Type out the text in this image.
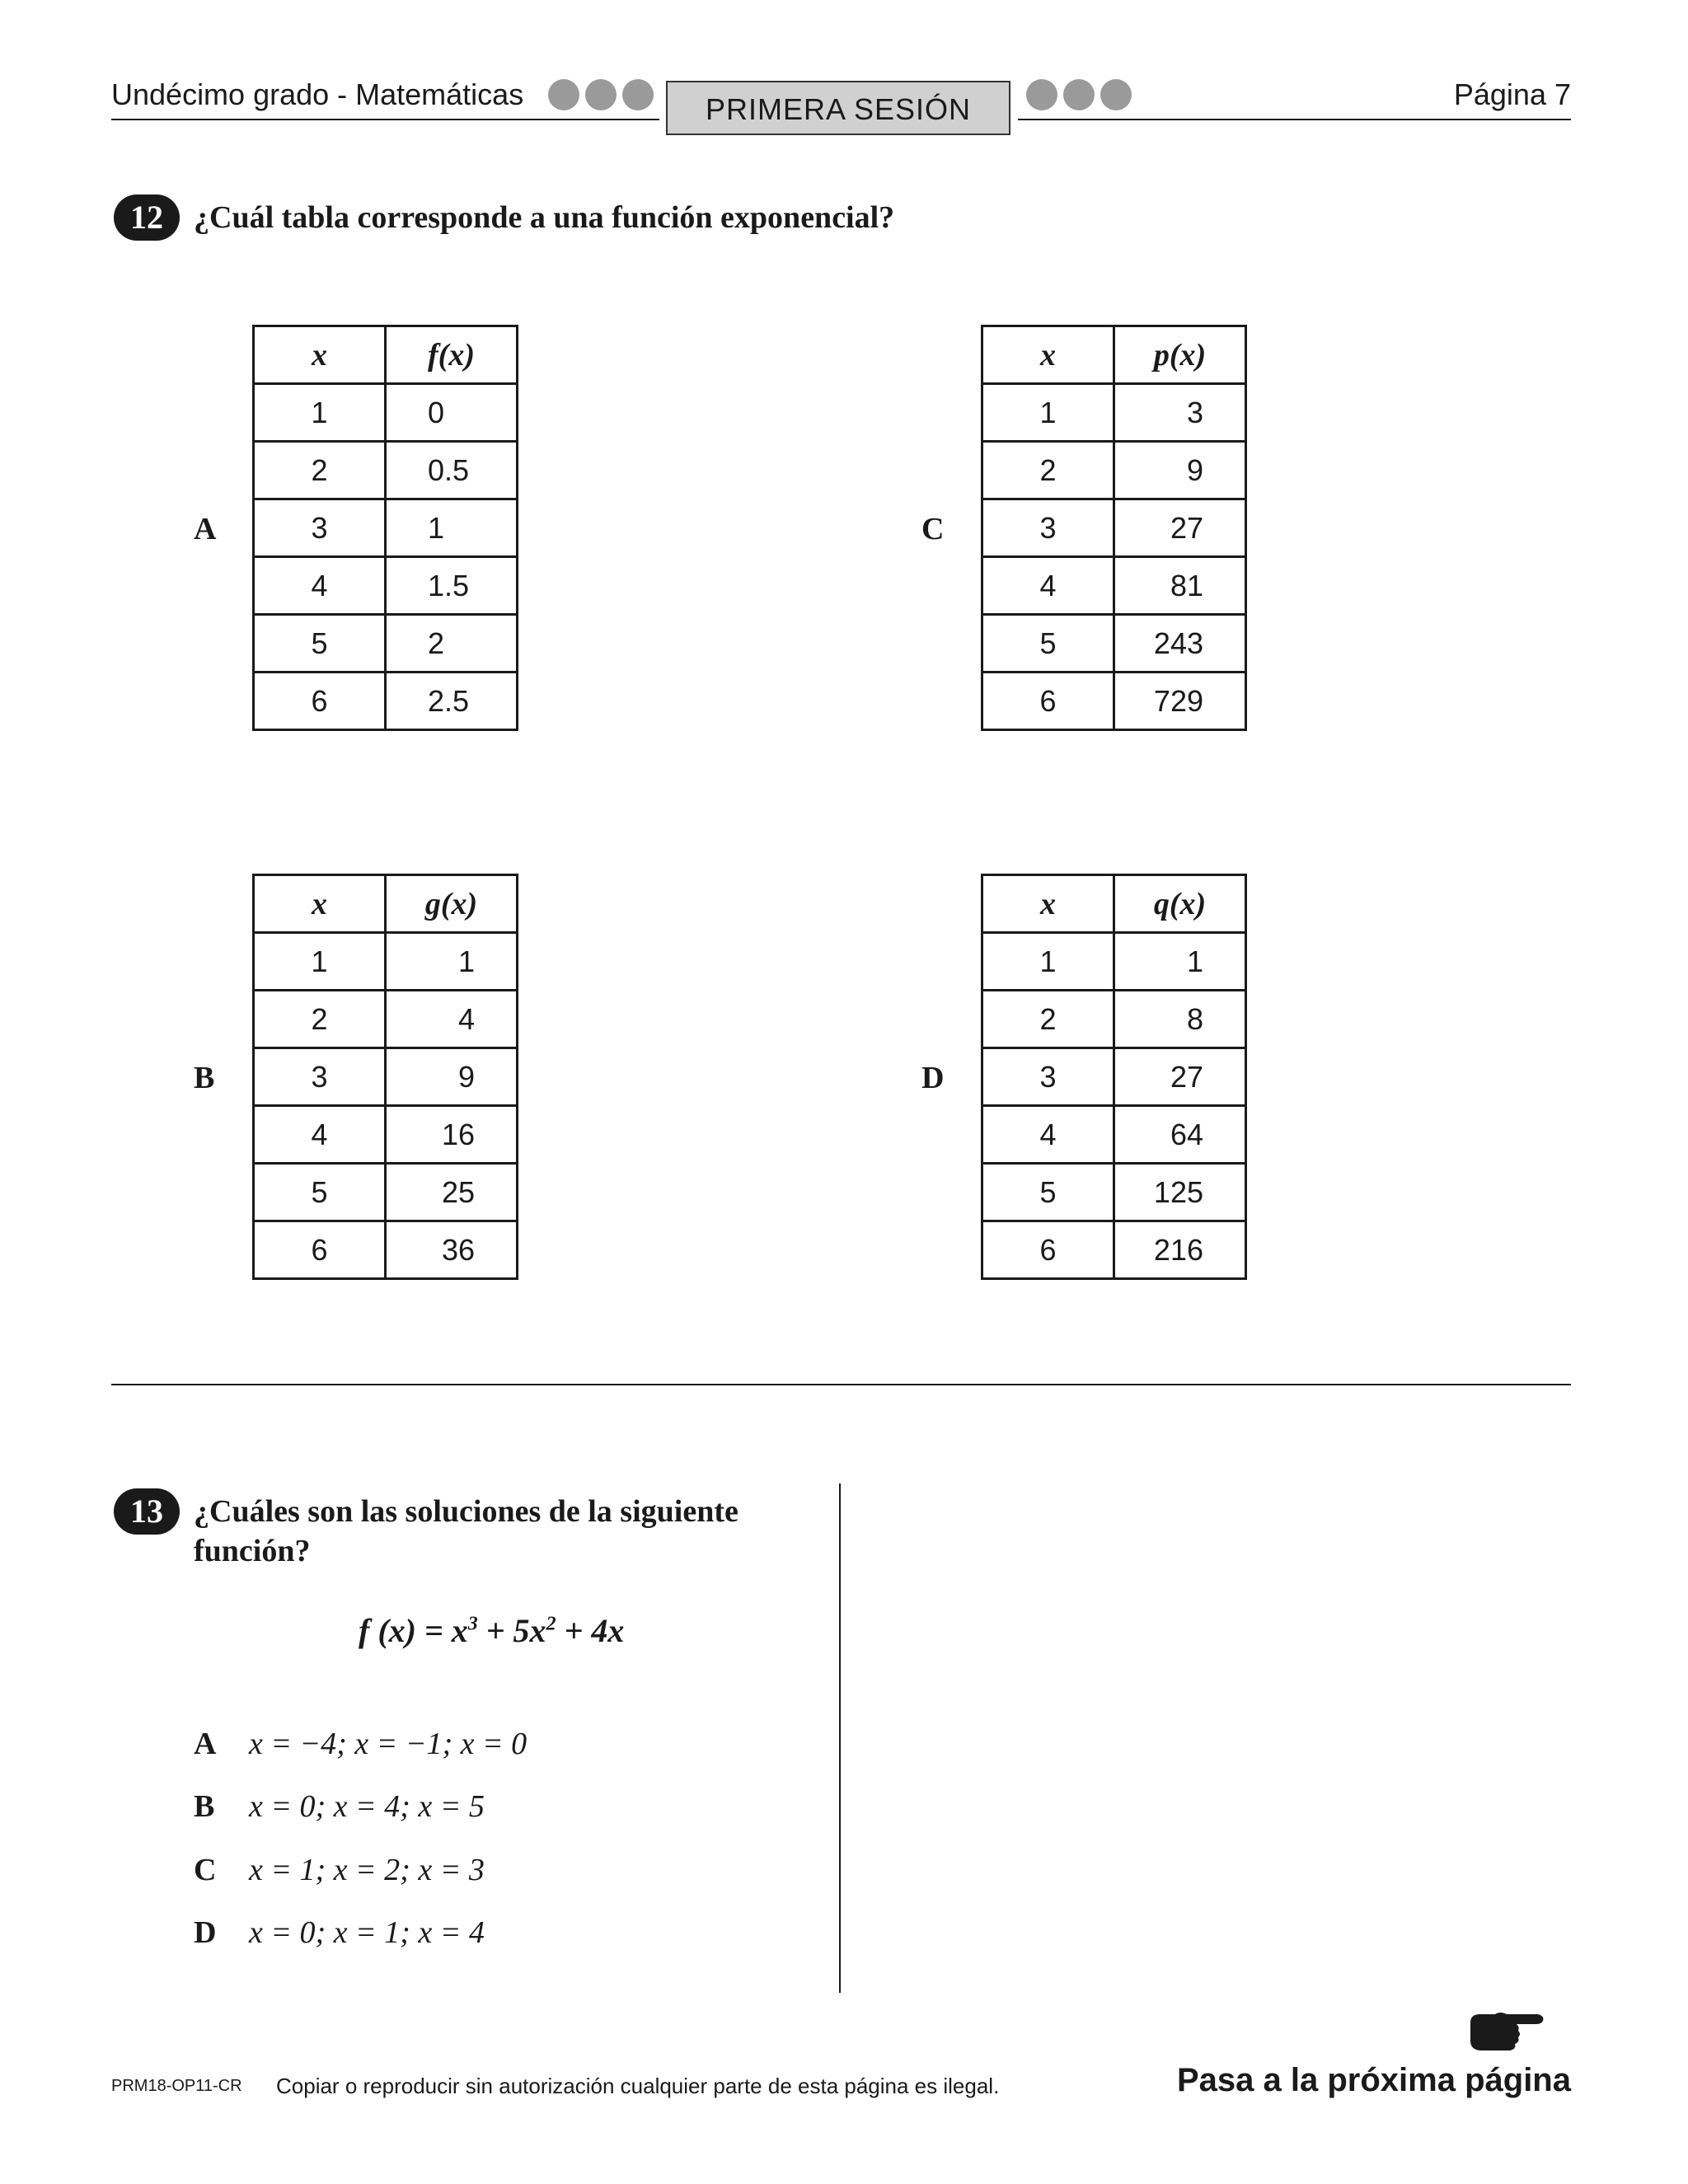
Undécimo grado - Matemáticas	PRIMERA SESIÓN	Página 7
12 ¿Cuál tabla corresponde a una función exponencial?
A
x	f(x)
1	0
2	0.5
3	1
4	1.5
5	2
6	2.5
C
x	p(x)
1	3
2	9
3	27
4	81
5	243
6	729
B
x	g(x)
1	1
2	4
3	9
4	16
5	25
6	36
D
x	q(x)
1	1
2	8
3	27
4	64
5	125
6	216
13 ¿Cuáles son las soluciones de la siguiente
función?
f $(x) = x^3 + 5x^2 + 4x$
A x = −4; x = −1; x = 0
B x = 0; x = 4; x = 5
C x = 1; x = 2; x = 3
D x = 0; x = 1; x = 4
PRM18-OP11-CR Copiar o reproducir sin autorización cualquier parte de esta página es ilegal.	Pasa a la próxima página
